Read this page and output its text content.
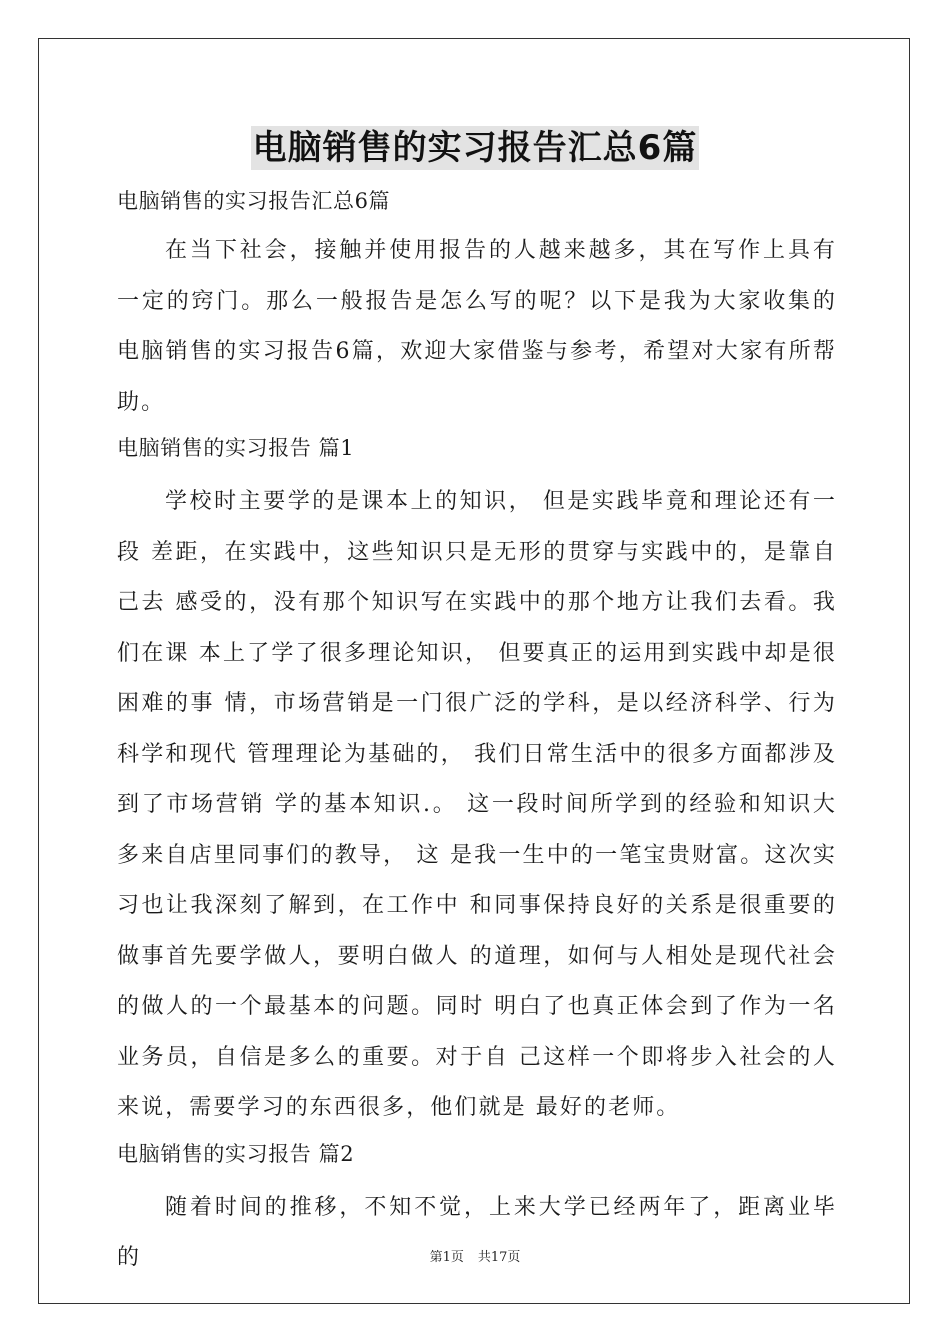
电脑销售的实习报告汇总6篇

电脑销售的实习报告汇总6篇

在当下社会，接触并使用报告的人越来越多，其在写作上具有一定的窍门。那么一般报告是怎么写的呢？以下是我为大家收集的电脑销售的实习报告6篇，欢迎大家借鉴与参考，希望对大家有所帮助。

电脑销售的实习报告 篇1

学校时主要学的是课本上的知识， 但是实践毕竟和理论还有一段 差距，在实践中，这些知识只是无形的贯穿与实践中的，是靠自己去 感受的，没有那个知识写在实践中的那个地方让我们去看。我们在课 本上了学了很多理论知识， 但要真正的运用到实践中却是很困难的事 情，市场营销是一门很广泛的学科，是以经济科学、行为科学和现代 管理理论为基础的， 我们日常生活中的很多方面都涉及到了市场营销 学的基本知识.。 这一段时间所学到的经验和知识大多来自店里同事们的教导， 这 是我一生中的一笔宝贵财富。这次实习也让我深刻了解到，在工作中 和同事保持良好的关系是很重要的做事首先要学做人，要明白做人 的道理，如何与人相处是现代社会的做人的一个最基本的问题。同时 明白了也真正体会到了作为一名业务员，自信是多么的重要。对于自 己这样一个即将步入社会的人来说，需要学习的东西很多，他们就是 最好的老师。

电脑销售的实习报告 篇2

随着时间的推移，不知不觉，上来大学已经两年了，距离业毕的	第1页 共17页
